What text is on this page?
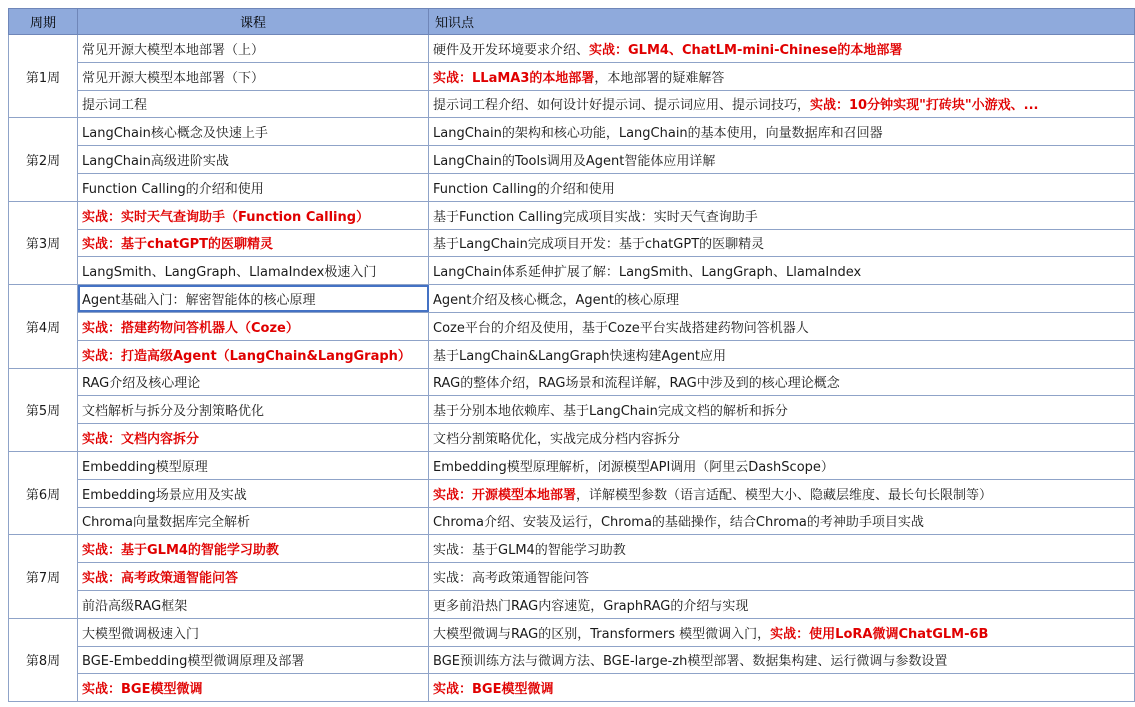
周期	课程	知识点
第1周	常见开源大模型本地部署（上）	硬件及开发环境要求介绍、实战：GLM4、ChatLM-mini-Chinese的本地部署
	常见开源大模型本地部署（下）	实战：LLaMA3的本地部署，本地部署的疑难解答
	提示词工程	提示词工程介绍、如何设计好提示词、提示词应用、提示词技巧，实战：10分钟实现"打砖块"小游戏、...
第2周	LangChain核心概念及快速上手	LangChain的架构和核心功能，LangChain的基本使用，向量数据库和召回器
	LangChain高级进阶实战	LangChain的Tools调用及Agent智能体应用详解
	Function Calling的介绍和使用	Function Calling的介绍和使用
第3周	实战：实时天气查询助手（Function Calling）	基于Function Calling完成项目实战：实时天气查询助手
	实战：基于chatGPT的医聊精灵	基于LangChain完成项目开发：基于chatGPT的医聊精灵
	LangSmith、LangGraph、LlamaIndex极速入门	LangChain体系延伸扩展了解：LangSmith、LangGraph、LlamaIndex
第4周	Agent基础入门：解密智能体的核心原理	Agent介绍及核心概念，Agent的核心原理
	实战：搭建药物问答机器人（Coze）	Coze平台的介绍及使用，基于Coze平台实战搭建药物问答机器人
	实战：打造高级Agent（LangChain&LangGraph）	基于LangChain&LangGraph快速构建Agent应用
第5周	RAG介绍及核心理论	RAG的整体介绍，RAG场景和流程详解，RAG中涉及到的核心理论概念
	文档解析与拆分及分割策略优化	基于分别本地依赖库、基于LangChain完成文档的解析和拆分
	实战：文档内容拆分	文档分割策略优化，实战完成分档内容拆分
第6周	Embedding模型原理	Embedding模型原理解析，闭源模型API调用（阿里云DashScope）
	Embedding场景应用及实战	实战：开源模型本地部署，详解模型参数（语言适配、模型大小、隐藏层维度、最长句长限制等）
	Chroma向量数据库完全解析	Chroma介绍、安装及运行，Chroma的基础操作，结合Chroma的考神助手项目实战
第7周	实战：基于GLM4的智能学习助教	实战：基于GLM4的智能学习助教
	实战：高考政策通智能问答	实战：高考政策通智能问答
	前沿高级RAG框架	更多前沿热门RAG内容速览，GraphRAG的介绍与实现
第8周	大模型微调极速入门	大模型微调与RAG的区别，Transformers 模型微调入门，实战：使用LoRA微调ChatGLM-6B
	BGE-Embedding模型微调原理及部署	BGE预训练方法与微调方法、BGE-large-zh模型部署、数据集构建、运行微调与参数设置
	实战：BGE模型微调	实战：BGE模型微调
